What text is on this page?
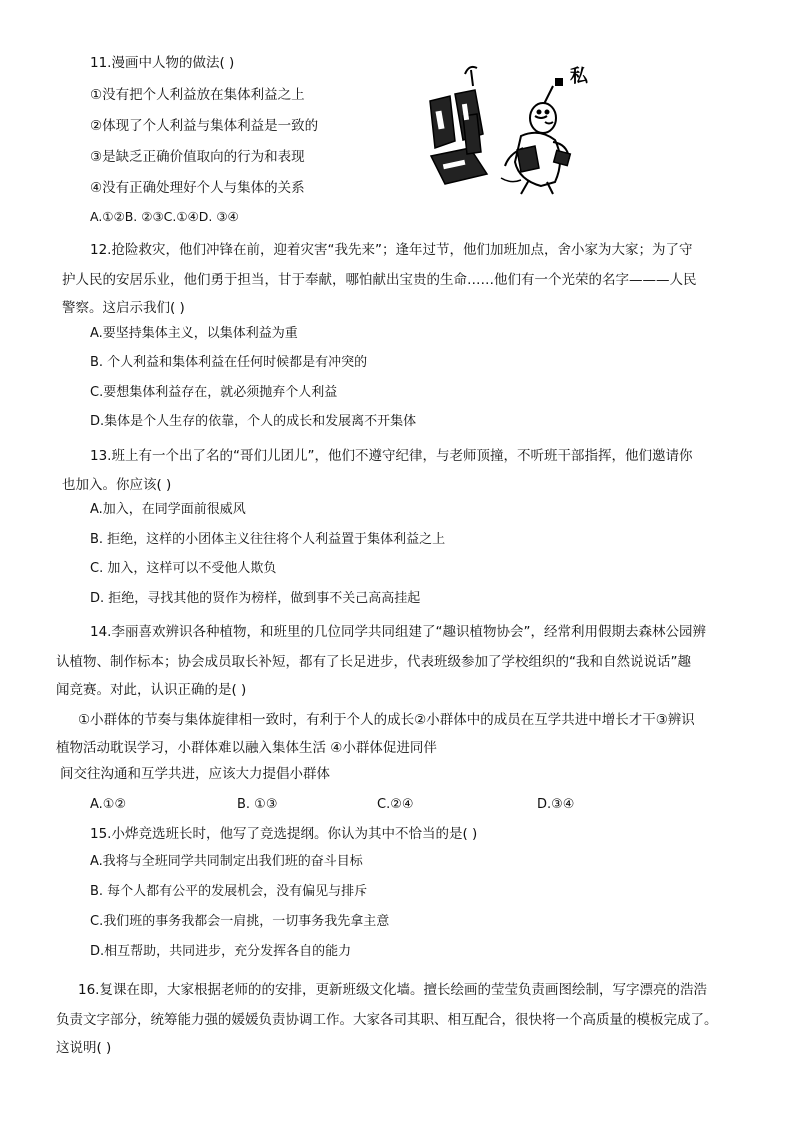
11.漫画中人物的做法( )
①没有把个人利益放在集体利益之上
②体现了个人利益与集体利益是一致的
③是缺乏正确价值取向的行为和表现
④没有正确处理好个人与集体的关系
A.①②B. ②③C.①④D. ③④
私
12.抢险救灾，他们冲锋在前，迎着灾害“我先来”；逢年过节，他们加班加点，舍小家为大家；为了守
护人民的安居乐业，他们勇于担当，甘于奉献，哪怕献出宝贵的生命……他们有一个光荣的名字———人民
警察。这启示我们( )
A.要坚持集体主义，以集体利益为重
B. 个人利益和集体利益在任何时候都是有冲突的
C.要想集体利益存在，就必须抛弃个人利益
D.集体是个人生存的依靠，个人的成长和发展离不开集体
13.班上有一个出了名的“哥们儿团儿”，他们不遵守纪律，与老师顶撞，不听班干部指挥，他们邀请你
也加入。你应该( )
A.加入，在同学面前很威风
B. 拒绝，这样的小团体主义往往将个人利益置于集体利益之上
C. 加入，这样可以不受他人欺负
D. 拒绝，寻找其他的贤作为榜样，做到事不关己高高挂起
14.李丽喜欢辨识各种植物，和班里的几位同学共同组建了“趣识植物协会”，经常利用假期去森林公园辨
认植物、制作标本；协会成员取长补短，都有了长足进步，代表班级参加了学校组织的“我和自然说说话”趣
闻竞赛。对此，认识正确的是( )
①小群体的节奏与集体旋律相一致时，有利于个人的成长②小群体中的成员在互学共进中增长才干③辨识
植物活动耽误学习，小群体难以融入集体生活 ④小群体促进同伴
间交往沟通和互学共进，应该大力提倡小群体
A.①②	B. ①③	C.②④	D.③④
15.小烨竞选班长时，他写了竞选提纲。你认为其中不恰当的是( )
A.我将与全班同学共同制定出我们班的奋斗目标
B. 每个人都有公平的发展机会，没有偏见与排斥
C.我们班的事务我都会一肩挑，一切事务我先拿主意
D.相互帮助，共同进步，充分发挥各自的能力
16.复课在即，大家根据老师的的安排，更新班级文化墙。擅长绘画的莹莹负责画图绘制，写字漂亮的浩浩
负责文字部分，统筹能力强的媛媛负责协调工作。大家各司其职、相互配合，很快将一个高质量的模板完成了。
这说明( )
